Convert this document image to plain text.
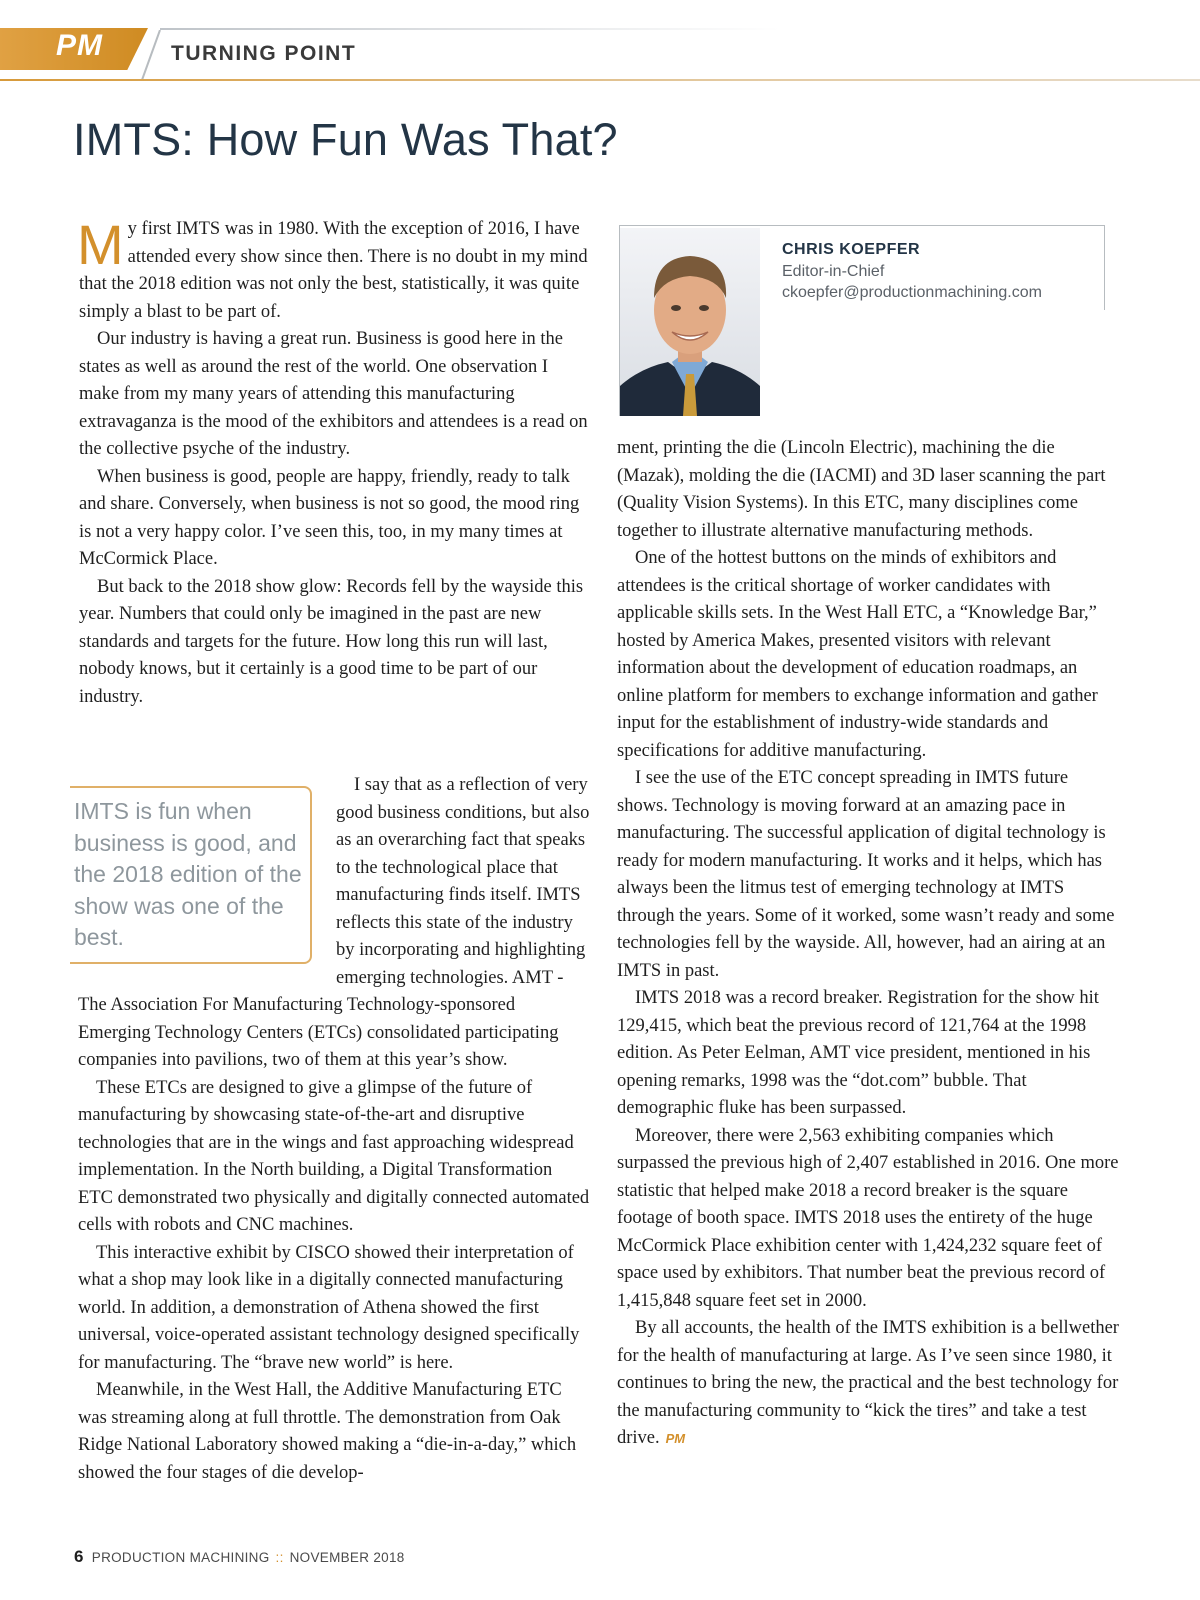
PM	TURNING POINT
IMTS: How Fun Was That?
CHRIS KOEPFER
Editor-in-Chief
ckoepfer@productionmachining.com

My first IMTS was in 1980. With the exception of 2016, I have attended every show since then. There is no doubt in my mind that the 2018 edition was not only the best, statistically, it was quite simply a blast to be part of.

Our industry is having a great run. Business is good here in the states as well as around the rest of the world. One observation I make from my many years of attending this manufacturing extravaganza is the mood of the exhibitors and attendees is a read on the collective psyche of the industry.

When business is good, people are happy, friendly, ready to talk and share. Conversely, when business is not so good, the mood ring is not a very happy color. I’ve seen this, too, in my many times at McCormick Place.

But back to the 2018 show glow: Records fell by the wayside this year. Numbers that could only be imagined in the past are new standards and targets for the future. How long this run will last, nobody knows, but it certainly is a good time to be part of our industry.

IMTS is fun when business is good, and the 2018 edition of the show was one of the best.

I say that as a reflection of very good business conditions, but also as an overarching fact that speaks to the technological place that manufacturing finds itself. IMTS reflects this state of the industry by incorporating and highlighting emerging technologies. AMT - The Association For Manufacturing Technology-sponsored Emerging Technology Centers (ETCs) consolidated participating companies into pavilions, two of them at this year’s show.

These ETCs are designed to give a glimpse of the future of manufacturing by showcasing state-of-the-art and disruptive technologies that are in the wings and fast approaching widespread implementation. In the North building, a Digital Transformation ETC demonstrated two physically and digitally connected automated cells with robots and CNC machines.

This interactive exhibit by CISCO showed their interpretation of what a shop may look like in a digitally connected manufacturing world. In addition, a demonstration of Athena showed the first universal, voice-operated assistant technology designed specifically for manufacturing. The “brave new world” is here.

Meanwhile, in the West Hall, the Additive Manufacturing ETC was streaming along at full throttle. The demonstration from Oak Ridge National Laboratory showed making a “die-in-a-day,” which showed the four stages of die develop-

ment, printing the die (Lincoln Electric), machining the die (Mazak), molding the die (IACMI) and 3D laser scanning the part (Quality Vision Systems). In this ETC, many disciplines come together to illustrate alternative manufacturing methods.

One of the hottest buttons on the minds of exhibitors and attendees is the critical shortage of worker candidates with applicable skills sets. In the West Hall ETC, a “Knowledge Bar,” hosted by America Makes, presented visitors with relevant information about the development of education roadmaps, an online platform for members to exchange information and gather input for the establishment of industry-wide standards and specifications for additive manufacturing.

I see the use of the ETC concept spreading in IMTS future shows. Technology is moving forward at an amazing pace in manufacturing. The successful application of digital technology is ready for modern manufacturing. It works and it helps, which has always been the litmus test of emerging technology at IMTS through the years. Some of it worked, some wasn’t ready and some technologies fell by the wayside. All, however, had an airing at an IMTS in past.

IMTS 2018 was a record breaker. Registration for the show hit 129,415, which beat the previous record of 121,764 at the 1998 edition. As Peter Eelman, AMT vice president, mentioned in his opening remarks, 1998 was the “dot.com” bubble. That demographic fluke has been surpassed.

Moreover, there were 2,563 exhibiting companies which surpassed the previous high of 2,407 established in 2016. One more statistic that helped make 2018 a record breaker is the square footage of booth space. IMTS 2018 uses the entirety of the huge McCormick Place exhibition center with 1,424,232 square feet of space used by exhibitors. That number beat the previous record of 1,415,848 square feet set in 2000.

By all accounts, the health of the IMTS exhibition is a bellwether for the health of manufacturing at large. As I’ve seen since 1980, it continues to bring the new, the practical and the best technology for the manufacturing community to “kick the tires” and take a test drive. PM

6 PRODUCTION MACHINING :: NOVEMBER 2018
